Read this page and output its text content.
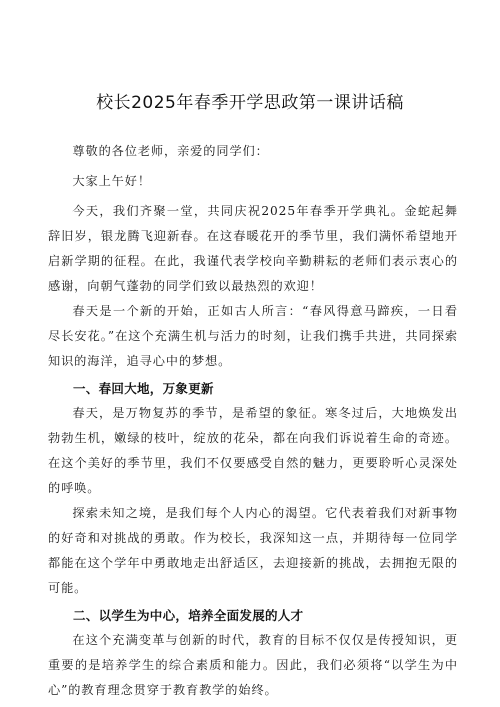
校长2025年春季开学思政第一课讲话稿

尊敬的各位老师，亲爱的同学们：

大家上午好！

今天，我们齐聚一堂，共同庆祝2025年春季开学典礼。金蛇起舞辞旧岁，银龙腾飞迎新春。在这春暖花开的季节里，我们满怀希望地开启新学期的征程。在此，我谨代表学校向辛勤耕耘的老师们表示衷心的感谢，向朝气蓬勃的同学们致以最热烈的欢迎！

春天是一个新的开始，正如古人所言：“春风得意马蹄疾，一日看尽长安花。”在这个充满生机与活力的时刻，让我们携手共进，共同探索知识的海洋，追寻心中的梦想。

一、春回大地，万象更新

春天，是万物复苏的季节，是希望的象征。寒冬过后，大地焕发出勃勃生机，嫩绿的枝叶，绽放的花朵，都在向我们诉说着生命的奇迹。在这个美好的季节里，我们不仅要感受自然的魅力，更要聆听心灵深处的呼唤。

探索未知之境，是我们每个人内心的渴望。它代表着我们对新事物的好奇和对挑战的勇敢。作为校长，我深知这一点，并期待每一位同学都能在这个学年中勇敢地走出舒适区，去迎接新的挑战，去拥抱无限的可能。

二、以学生为中心，培养全面发展的人才

在这个充满变革与创新的时代，教育的目标不仅仅是传授知识，更重要的是培养学生的综合素质和能力。因此，我们必须将“以学生为中心”的教育理念贯穿于教育教学的始终。
